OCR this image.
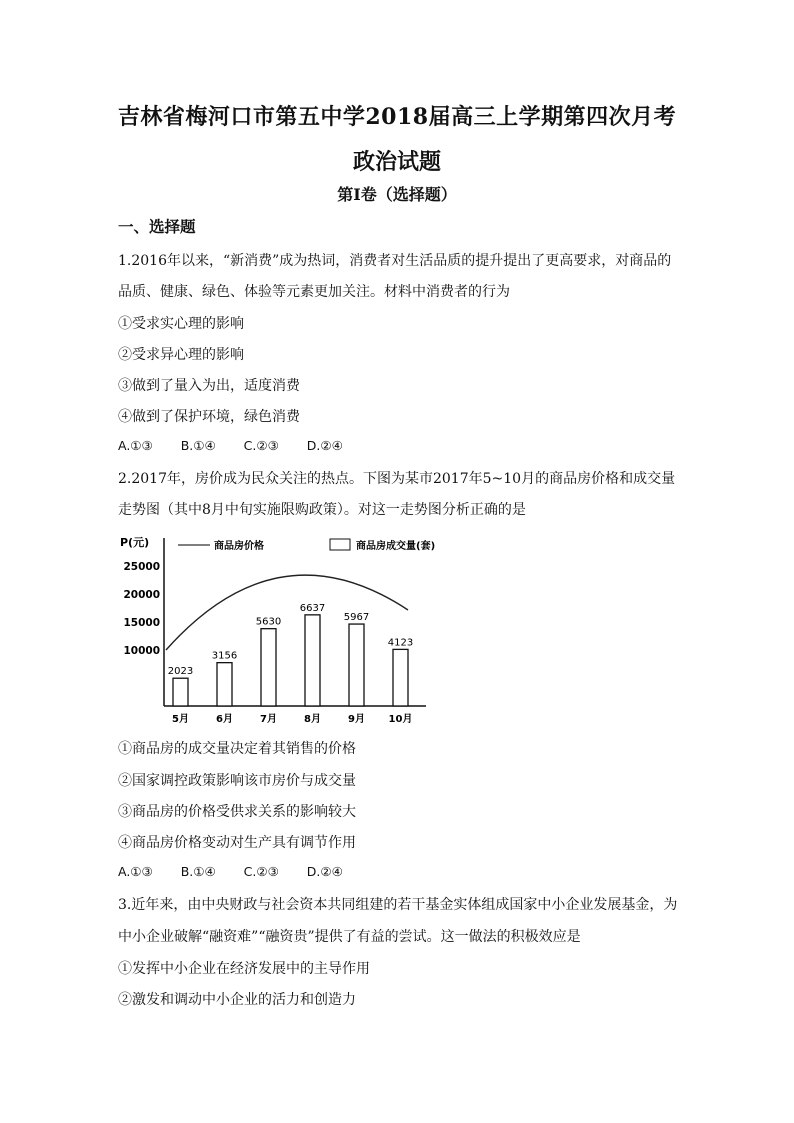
吉林省梅河口市第五中学2018届高三上学期第四次月考
政治试题
第Ⅰ卷（选择题）
一、选择题
1.2016年以来，“新消费”成为热词，消费者对生活品质的提升提出了更高要求，对商品的
品质、健康、绿色、体验等元素更加关注。材料中消费者的行为
①受求实心理的影响
②受求异心理的影响
③做到了量入为出，适度消费
④做到了保护环境，绿色消费
A.①③ B.①④ C.②③ D.②④
2.2017年，房价成为民众关注的热点。下图为某市2017年5~10月的商品房价格和成交量
走势图（其中8月中旬实施限购政策）。对这一走势图分析正确的是
P(元)	商品房价格	商品房成交量(套)
25000
20000
15000
10000
2023
5月
3156
6月
5630
7月
6637
8月
5967
9月
4123
10月
①商品房的成交量决定着其销售的价格
②国家调控政策影响该市房价与成交量
③商品房的价格受供求关系的影响较大
④商品房价格变动对生产具有调节作用
A.①③ B.①④ C.②③ D.②④
3.近年来，由中央财政与社会资本共同组建的若干基金实体组成国家中小企业发展基金，为
中小企业破解“融资难”“融资贵”提供了有益的尝试。这一做法的积极效应是
①发挥中小企业在经济发展中的主导作用
②激发和调动中小企业的活力和创造力
